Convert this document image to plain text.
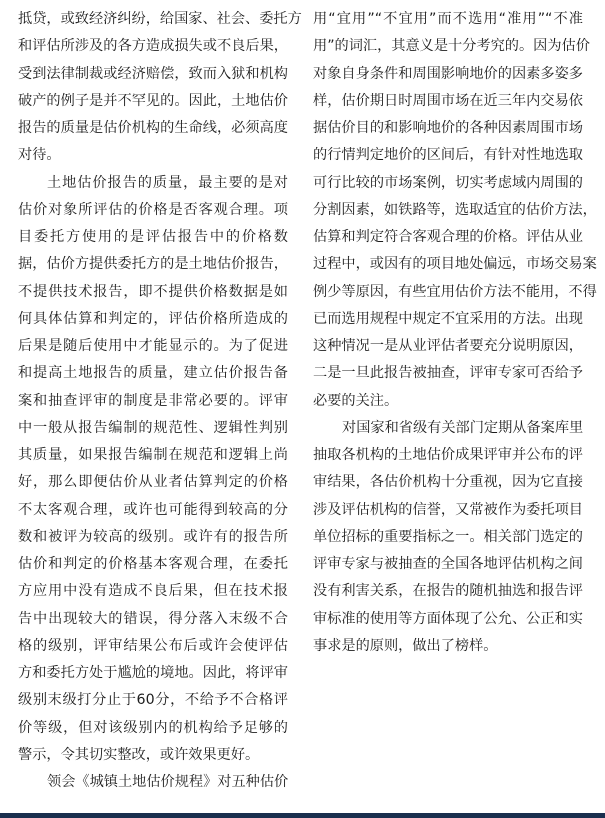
抵贷，或致经济纠纷，给国家、社会、委托方
和评估所涉及的各方造成损失或不良后果，
受到法律制裁或经济赔偿，致而入狱和机构
破产的例子是并不罕见的。因此，土地估价
报告的质量是估价机构的生命线，必须高度
对待。
土地估价报告的质量，最主要的是对
估价对象所评估的价格是否客观合理。项
目委托方使用的是评估报告中的价格数
据，估价方提供委托方的是土地估价报告，
不提供技术报告，即不提供价格数据是如
何具体估算和判定的，评估价格所造成的
后果是随后使用中才能显示的。为了促进
和提高土地报告的质量，建立估价报告备
案和抽查评审的制度是非常必要的。评审
中一般从报告编制的规范性、逻辑性判别
其质量，如果报告编制在规范和逻辑上尚
好，那么即便估价从业者估算判定的价格
不太客观合理，或许也可能得到较高的分
数和被评为较高的级别。或许有的报告所
估价和判定的价格基本客观合理，在委托
方应用中没有造成不良后果，但在技术报
告中出现较大的错误，得分落入末级不合
格的级别，评审结果公布后或许会使评估
方和委托方处于尴尬的境地。因此，将评审
级别末级打分止于60分，不给予不合格评
价等级，但对该级别内的机构给予足够的
警示，令其切实整改，或许效果更好。
领会《城镇土地估价规程》对五种估价
用“宜用”“不宜用”而不选用“准用”“不准
用”的词汇，其意义是十分考究的。因为估价
对象自身条件和周围影响地价的因素多姿多
样，估价期日时周围市场在近三年内交易依
据估价目的和影响地价的各种因素周围市场
的行情判定地价的区间后，有针对性地选取
可行比较的市场案例，切实考虑域内周围的
分割因素，如铁路等，选取适宜的估价方法，
估算和判定符合客观合理的价格。评估从业
过程中，或因有的项目地处偏远，市场交易案
例少等原因，有些宜用估价方法不能用，不得
已而选用规程中规定不宜采用的方法。出现
这种情况一是从业评估者要充分说明原因，
二是一旦此报告被抽查，评审专家可否给予
必要的关注。
对国家和省级有关部门定期从备案库里
抽取各机构的土地估价成果评审并公布的评
审结果，各估价机构十分重视，因为它直接
涉及评估机构的信誉，又常被作为委托项目
单位招标的重要指标之一。相关部门选定的
评审专家与被抽查的全国各地评估机构之间
没有利害关系，在报告的随机抽选和报告评
审标准的使用等方面体现了公允、公正和实
事求是的原则，做出了榜样。
